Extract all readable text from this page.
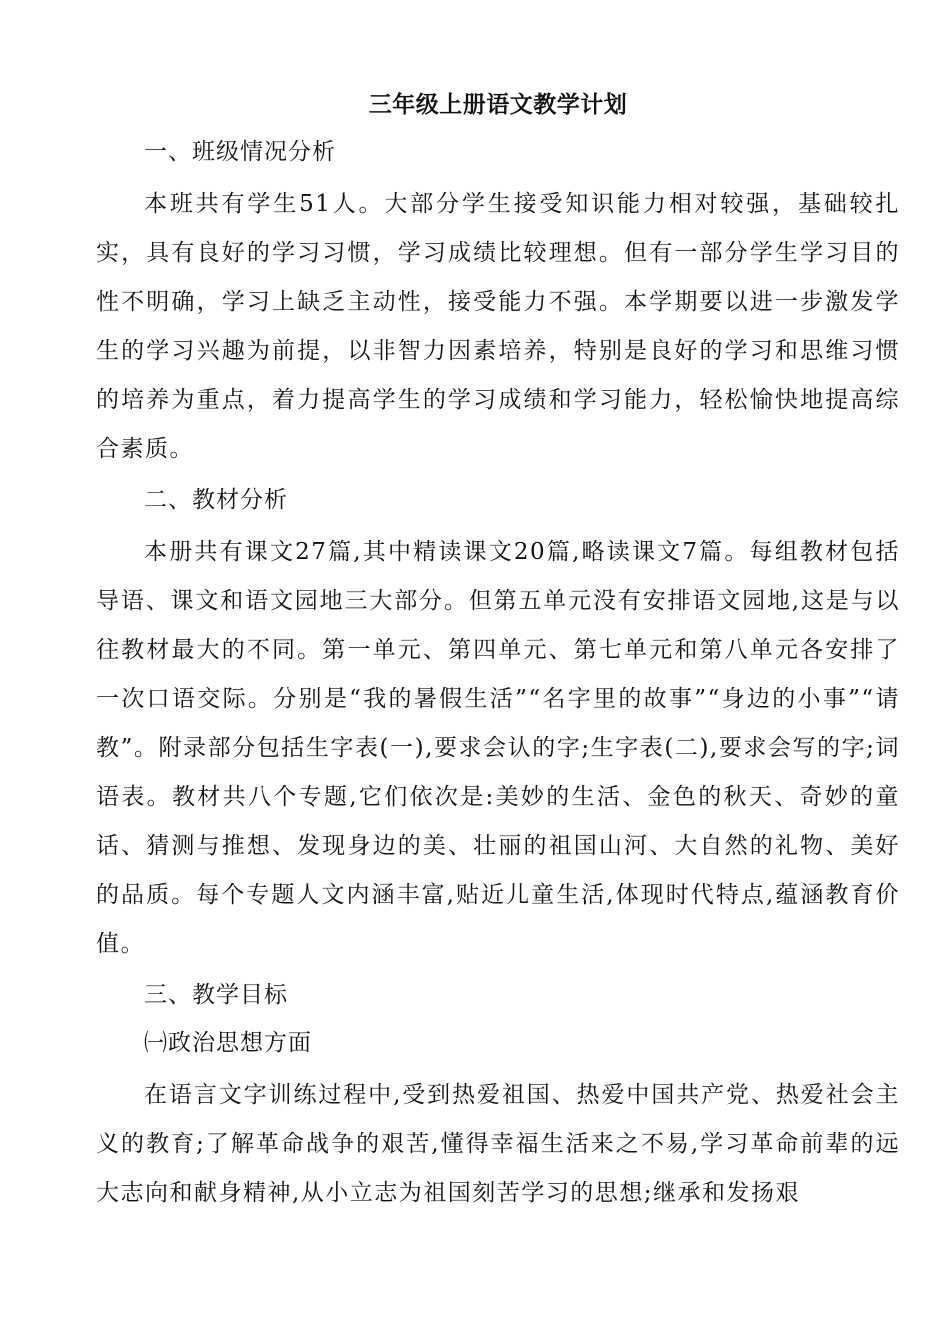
三年级上册语文教学计划
一、班级情况分析

本班共有学生51人。大部分学生接受知识能力相对较强，基础较扎实，具有良好的学习习惯，学习成绩比较理想。但有一部分学生学习目的性不明确，学习上缺乏主动性，接受能力不强。本学期要以进一步激发学生的学习兴趣为前提，以非智力因素培养，特别是良好的学习和思维习惯的培养为重点，着力提高学生的学习成绩和学习能力，轻松愉快地提高综合素质。

二、教材分析

本册共有课文27篇,其中精读课文20篇,略读课文7篇。每组教材包括导语、课文和语文园地三大部分。但第五单元没有安排语文园地,这是与以往教材最大的不同。第一单元、第四单元、第七单元和第八单元各安排了一次口语交际。分别是“我的暑假生活”“名字里的故事”“身边的小事”“请教”。附录部分包括生字表(一),要求会认的字;生字表(二),要求会写的字;词语表。教材共八个专题,它们依次是:美妙的生活、金色的秋天、奇妙的童话、猜测与推想、发现身边的美、壮丽的祖国山河、大自然的礼物、美好的品质。每个专题人文内涵丰富,贴近儿童生活,体现时代特点,蕴涵教育价值。

三、教学目标
㈠政治思想方面

在语言文字训练过程中,受到热爱祖国、热爱中国共产党、热爱社会主义的教育;了解革命战争的艰苦,懂得幸福生活来之不易,学习革命前辈的远大志向和献身精神,从小立志为祖国刻苦学习的思想;继承和发扬艰
